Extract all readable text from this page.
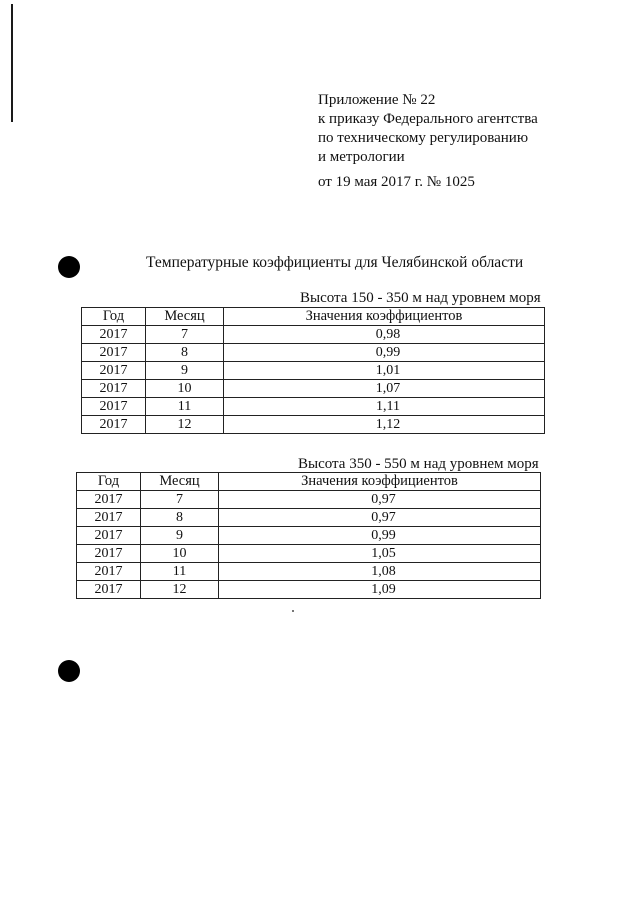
Приложение № 22
к приказу Федерального агентства
по техническому регулированию
и метрологии
от 19 мая 2017 г. № 1025
Температурные коэффициенты для Челябинской области
Высота 150 - 350 м над уровнем моря
Год	Месяц	Значения коэффициентов
2017	7	0,98
2017	8	0,99
2017	9	1,01
2017	10	1,07
2017	11	1,11
2017	12	1,12
Высота 350 - 550 м над уровнем моря
Год	Месяц	Значения коэффициентов
2017	7	0,97
2017	8	0,97
2017	9	0,99
2017	10	1,05
2017	11	1,08
2017	12	1,09
